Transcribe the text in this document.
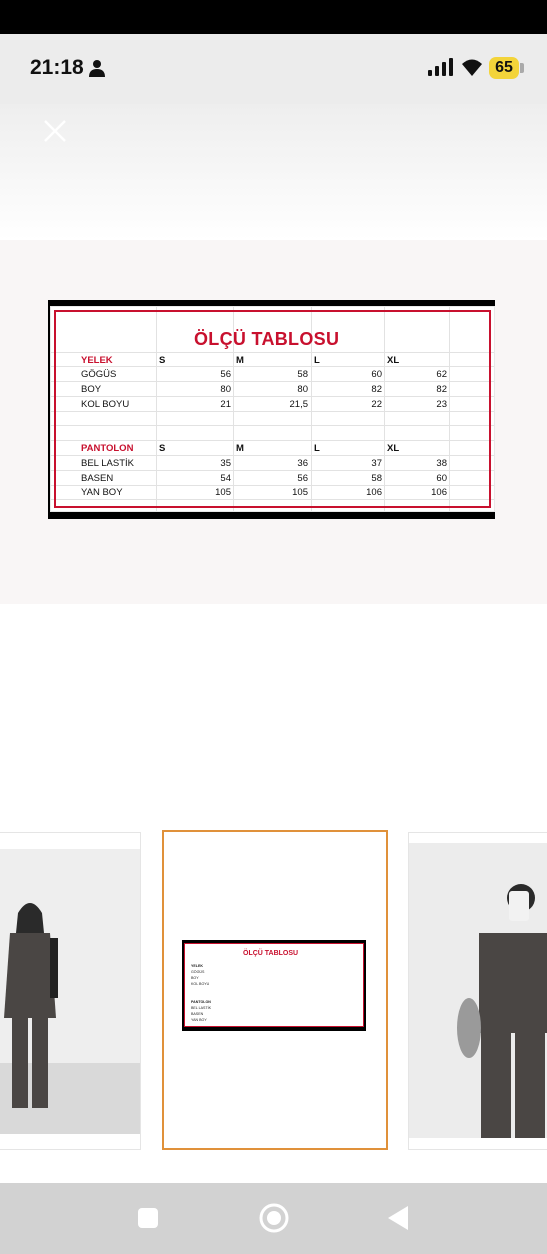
21:18	65
ÖLÇÜ TABLOSU
YELEK	S	M	L	XL
GÖGÜS	56	58	60	62
BOY	80	80	82	82
KOL BOYU	21	21,5	22	23
PANTOLON	S	M	L	XL
BEL LASTİK	35	36	37	38
BASEN	54	56	58	60
YAN BOY	105	105	106	106
ÖLÇÜ TABLOSU
YELEK
GÖGÜS
BOY
KOL BOYU
PANTOLON
BEL LASTİK
BASEN
YAN BOY
